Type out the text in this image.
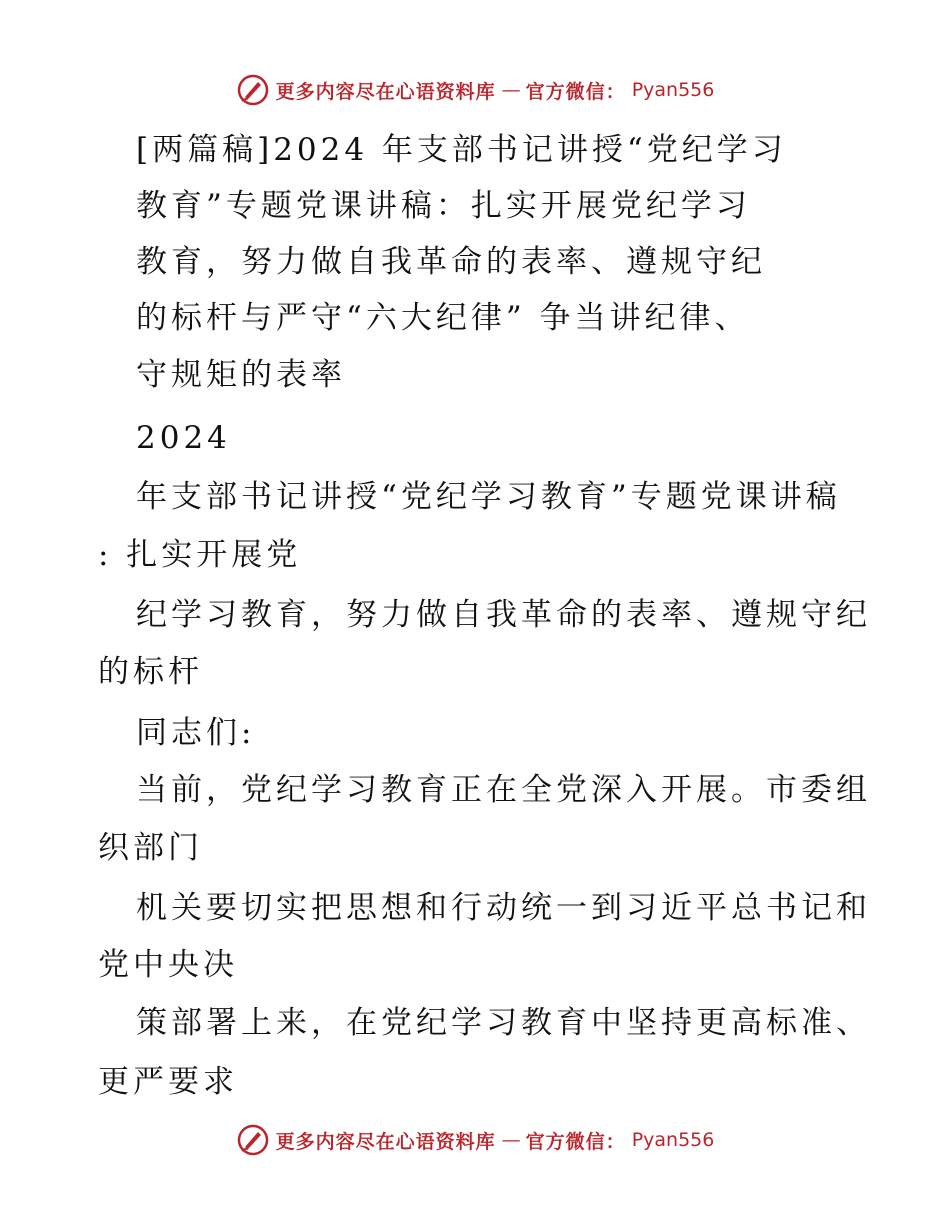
更多内容尽在心语资料库 — 官方微信： Pyan556
[两篇稿]2024 年支部书记讲授“党纪学习
教育”专题党课讲稿：扎实开展党纪学习
教育，努力做自我革命的表率、遵规守纪
的标杆与严守“六大纪律” 争当讲纪律、
守规矩的表率
2024
年支部书记讲授“党纪学习教育”专题党课讲稿
: 扎实开展党
纪学习教育，努力做自我革命的表率、遵规守纪
的标杆
同志们:
当前，党纪学习教育正在全党深入开展。市委组
织部门
机关要切实把思想和行动统一到习近平总书记和
党中央决
策部署上来，在党纪学习教育中坚持更高标准、
更严要求
更多内容尽在心语资料库 — 官方微信： Pyan556
